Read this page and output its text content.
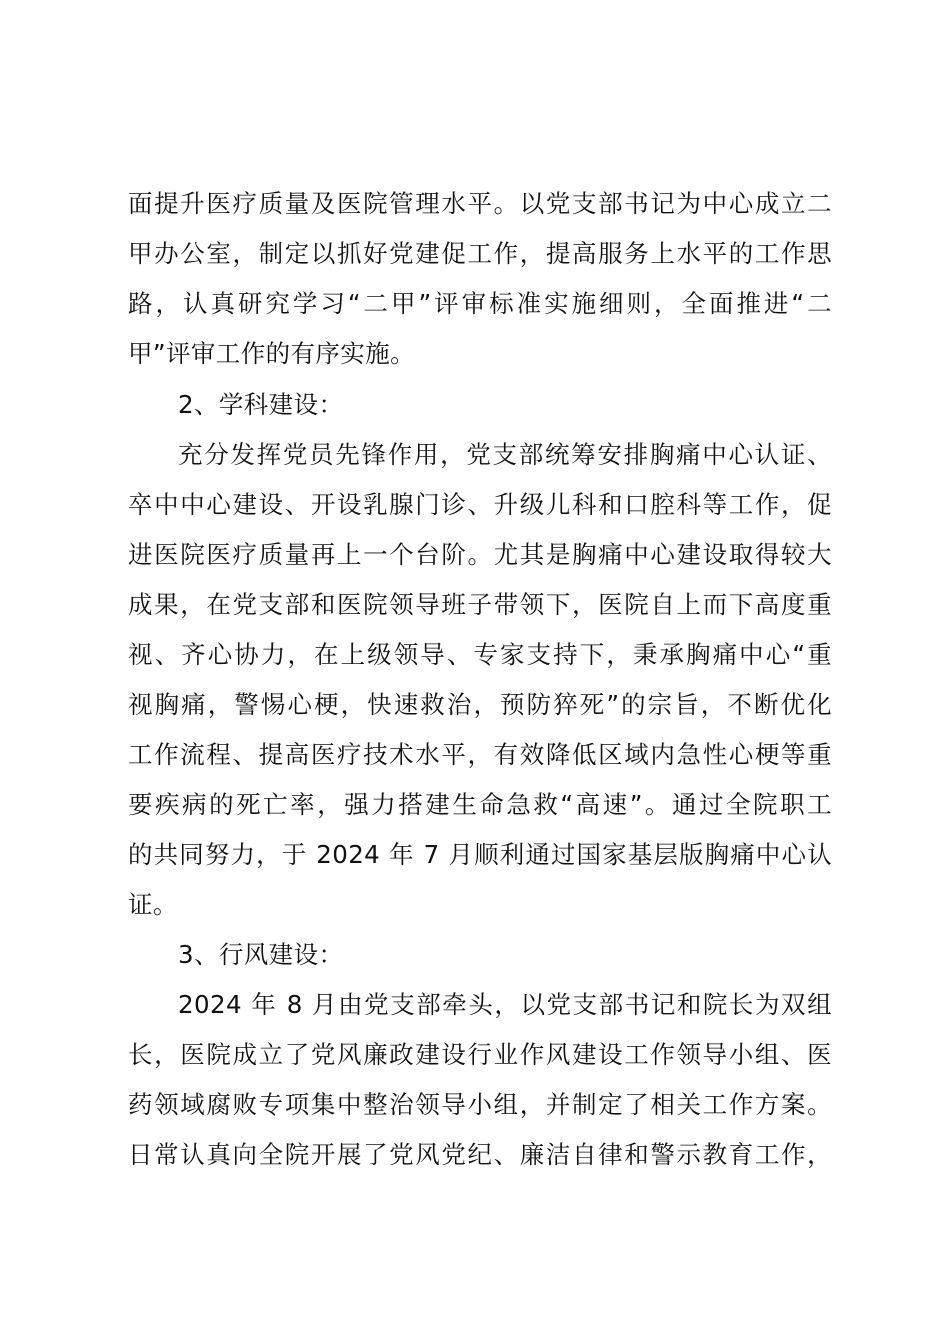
面提升医疗质量及医院管理水平。以党支部书记为中心成立二
甲办公室，制定以抓好党建促工作，提高服务上水平的工作思
路，认真研究学习“二甲”评审标准实施细则，全面推进“二
甲”评审工作的有序实施。
2、学科建设：
充分发挥党员先锋作用，党支部统筹安排胸痛中心认证、
卒中中心建设、开设乳腺门诊、升级儿科和口腔科等工作，促
进医院医疗质量再上一个台阶。尤其是胸痛中心建设取得较大
成果，在党支部和医院领导班子带领下，医院自上而下高度重
视、齐心协力，在上级领导、专家支持下，秉承胸痛中心“重
视胸痛，警惕心梗，快速救治，预防猝死”的宗旨，不断优化
工作流程、提高医疗技术水平，有效降低区域内急性心梗等重
要疾病的死亡率，强力搭建生命急救“高速”。通过全院职工
的共同努力，于 2024 年 7 月顺利通过国家基层版胸痛中心认
证。
3、行风建设：
2024 年 8 月由党支部牵头，以党支部书记和院长为双组
长，医院成立了党风廉政建设行业作风建设工作领导小组、医
药领域腐败专项集中整治领导小组，并制定了相关工作方案。
日常认真向全院开展了党风党纪、廉洁自律和警示教育工作，
